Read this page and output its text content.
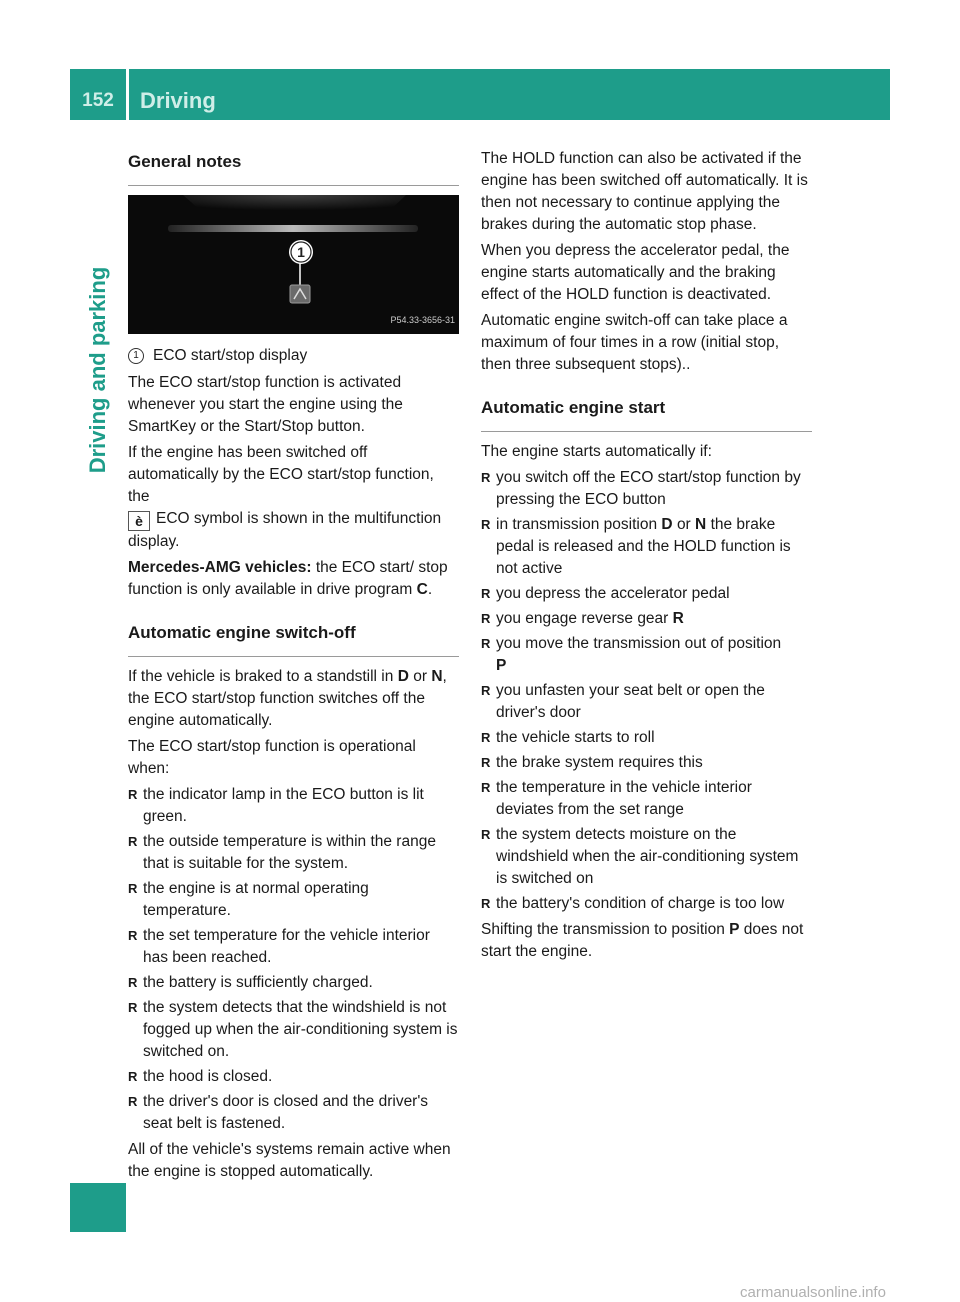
152	Driving
Driving and parking
General notes
1
P54.33-3656-31

1 ECO start/stop display

The ECO start/stop function is activated whenever you start the engine using the SmartKey or the Start/Stop button.

If the engine has been switched off automatically by the ECO start/stop function, the
è ECO symbol is shown in the multifunction display.

Mercedes-AMG vehicles: the ECO start/ stop function is only available in drive program C.

Automatic engine switch-off

If the vehicle is braked to a standstill in D or N, the ECO start/stop function switches off the engine automatically.

The ECO start/stop function is operational when:

R the indicator lamp in the ECO button is lit green.
R the outside temperature is within the range that is suitable for the system.
R the engine is at normal operating temperature.
R the set temperature for the vehicle interior has been reached.
R the battery is sufficiently charged.
R the system detects that the windshield is not fogged up when the air-conditioning system is switched on.
R the hood is closed.
R the driver's door is closed and the driver's seat belt is fastened.

All of the vehicle's systems remain active when the engine is stopped automatically.

The HOLD function can also be activated if the engine has been switched off automatically. It is then not necessary to continue applying the brakes during the automatic stop phase.

When you depress the accelerator pedal, the engine starts automatically and the braking effect of the HOLD function is deactivated.

Automatic engine switch-off can take place a maximum of four times in a row (initial stop, then three subsequent stops)..

Automatic engine start

The engine starts automatically if:

R you switch off the ECO start/stop function by pressing the ECO button
R in transmission position D or N the brake pedal is released and the HOLD function is not active
R you depress the accelerator pedal
R you engage reverse gear R
R you move the transmission out of position
P
R you unfasten your seat belt or open the driver's door
R the vehicle starts to roll
R the brake system requires this
R the temperature in the vehicle interior deviates from the set range
R the system detects moisture on the windshield when the air-conditioning system is switched on
R the battery's condition of charge is too low

Shifting the transmission to position P does not start the engine.

carmanualsonline.info
